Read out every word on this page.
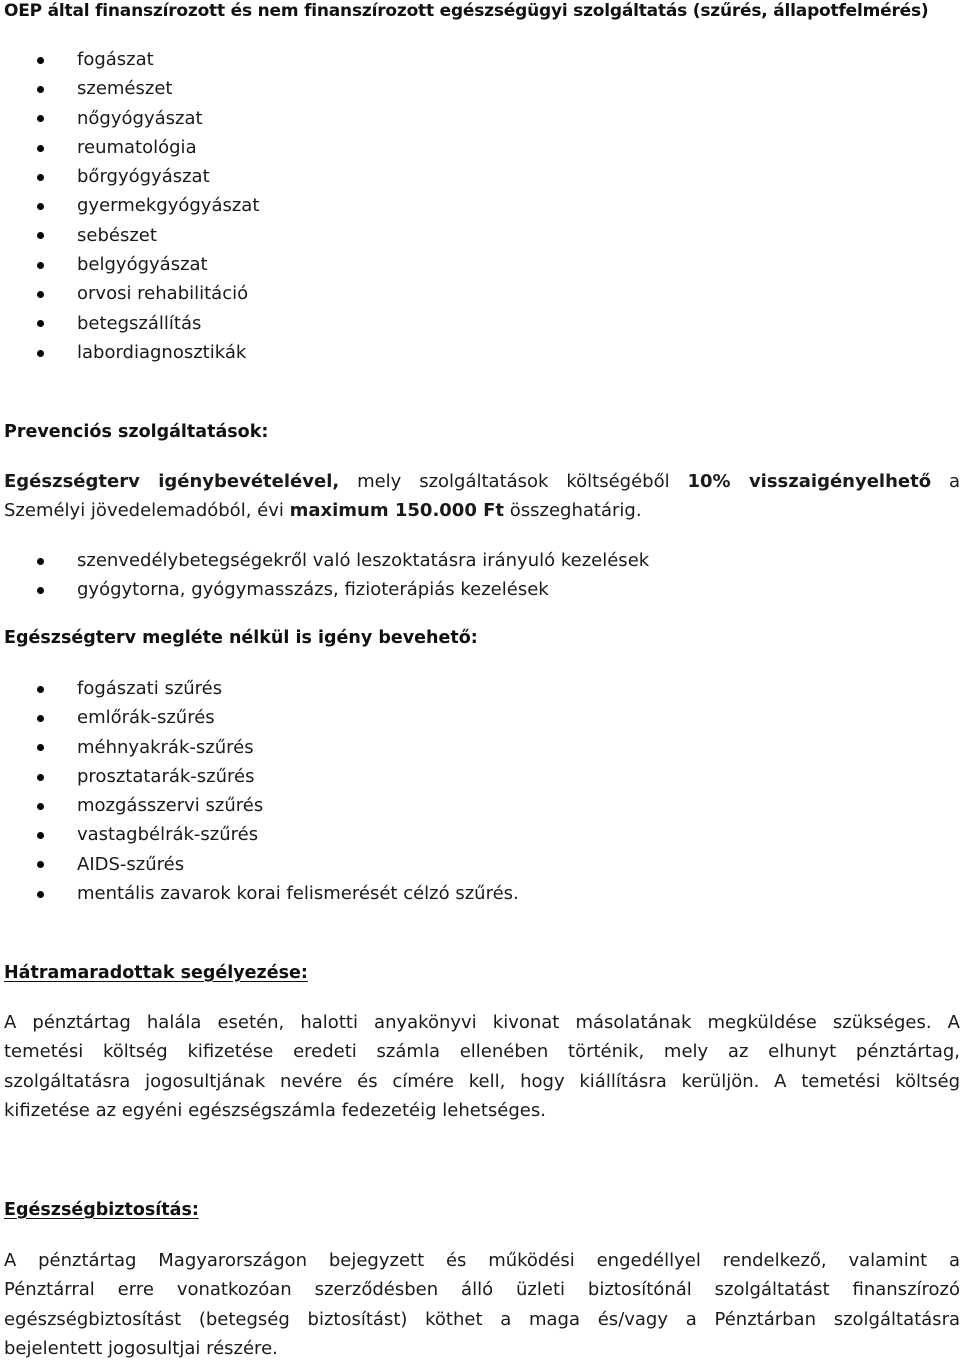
OEP által finanszírozott és nem finanszírozott egészségügyi szolgáltatás (szűrés, állapotfelmérés)
fogászat
szemészet
nőgyógyászat
reumatológia
bőrgyógyászat
gyermekgyógyászat
sebészet
belgyógyászat
orvosi rehabilitáció
betegszállítás
labordiagnosztikák
Prevenciós szolgáltatások:
Egészségterv igénybevételével, mely szolgáltatások költségéből 10% visszaigényelhető a
Személyi jövedelemadóból, évi maximum 150.000 Ft összeghatárig.
szenvedélybetegségekről való leszoktatásra irányuló kezelések
gyógytorna, gyógymasszázs, fizioterápiás kezelések
Egészségterv megléte nélkül is igény bevehető:
fogászati szűrés
emlőrák-szűrés
méhnyakrák-szűrés
prosztatarák-szűrés
mozgásszervi szűrés
vastagbélrák-szűrés
AIDS-szűrés
mentális zavarok korai felismerését célzó szűrés.
Hátramaradottak segélyezése:
A pénztártag halála esetén, halotti anyakönyvi kivonat másolatának megküldése szükséges. A
temetési költség kifizetése eredeti számla ellenében történik, mely az elhunyt pénztártag,
szolgáltatásra jogosultjának nevére és címére kell, hogy kiállításra kerüljön. A temetési költség
kifizetése az egyéni egészségszámla fedezetéig lehetséges.
Egészségbiztosítás:
A pénztártag Magyarországon bejegyzett és működési engedéllyel rendelkező, valamint a
Pénztárral erre vonatkozóan szerződésben álló üzleti biztosítónál szolgáltatást finanszírozó
egészségbiztosítást (betegség biztosítást) köthet a maga és/vagy a Pénztárban szolgáltatásra
bejelentett jogosultjai részére.
